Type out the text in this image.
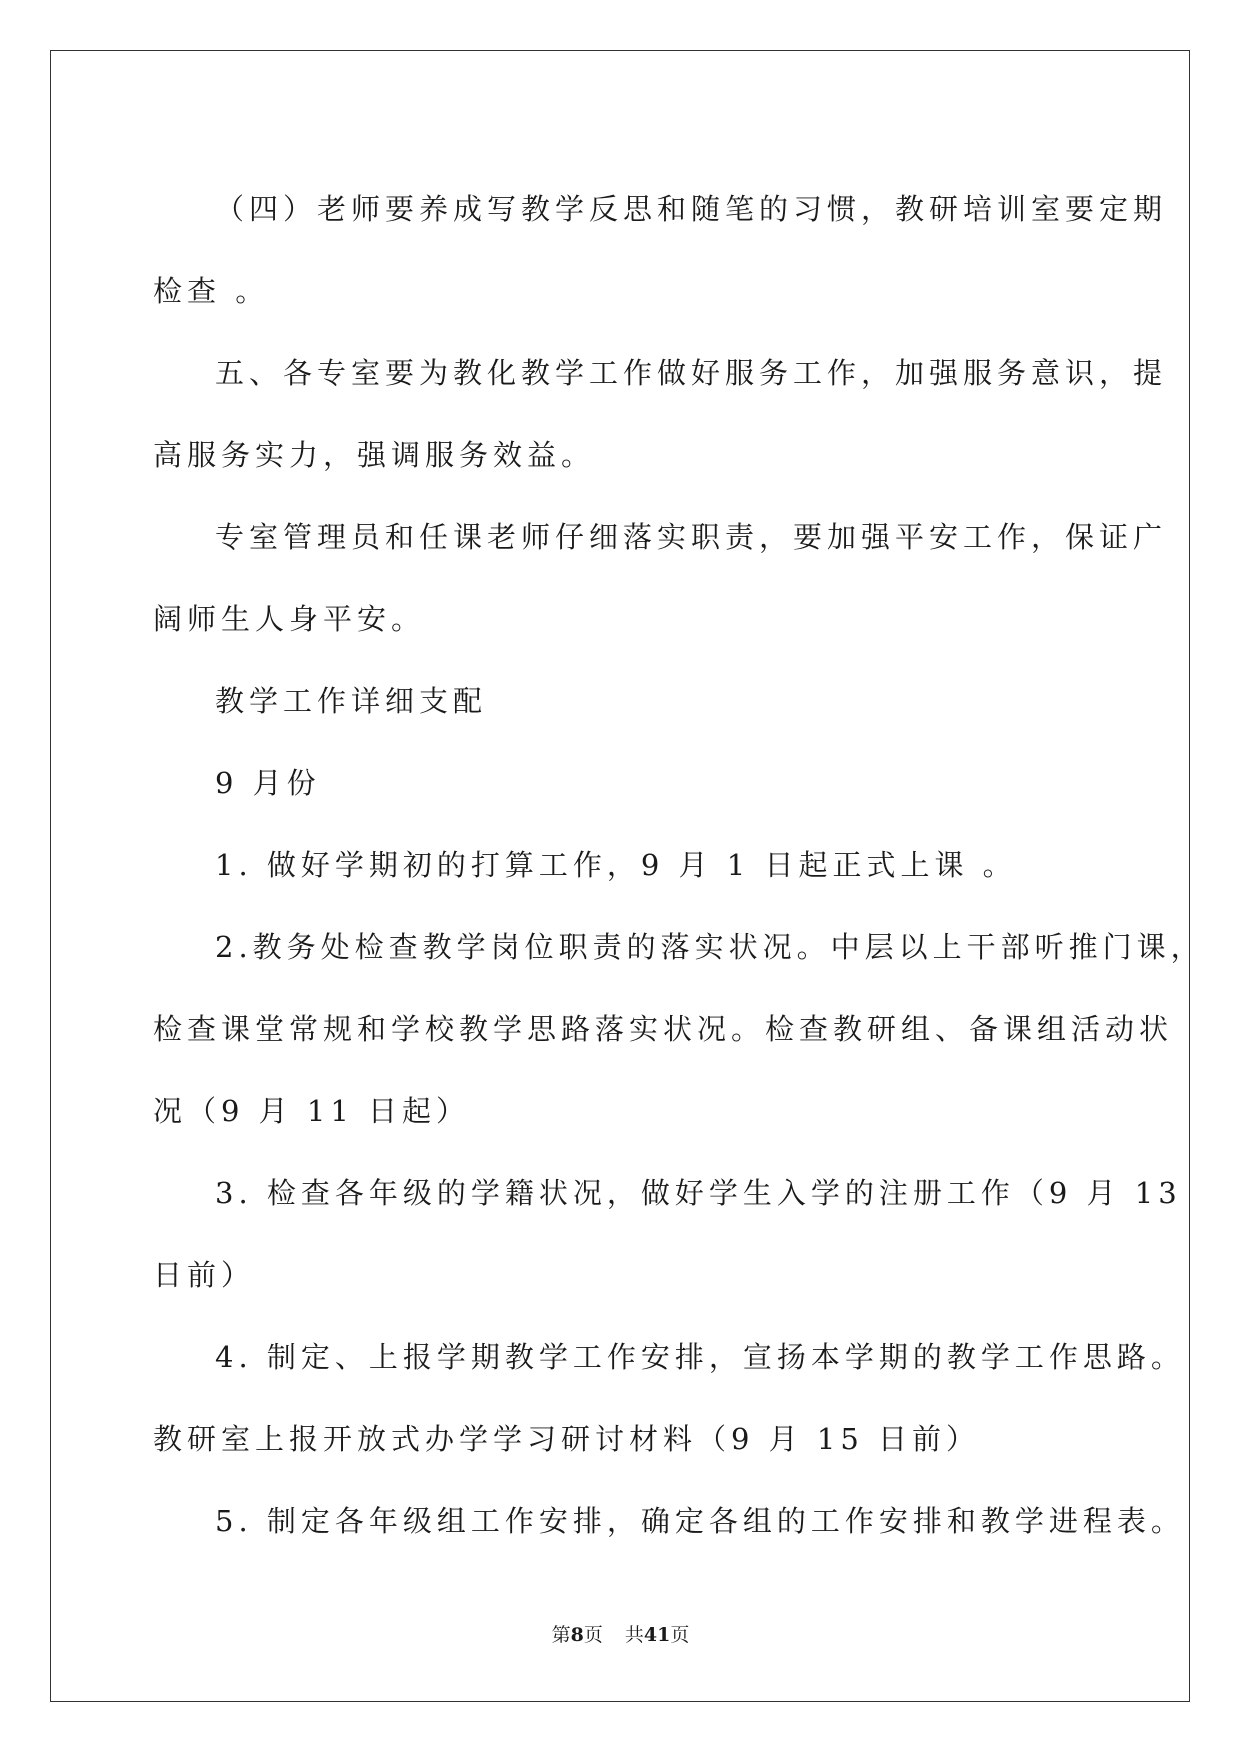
（四）老师要养成写教学反思和随笔的习惯，教研培训室要定期
检查 。
五、各专室要为教化教学工作做好服务工作，加强服务意识，提
高服务实力，强调服务效益。
专室管理员和任课老师仔细落实职责，要加强平安工作，保证广
阔师生人身平安。
教学工作详细支配
9 月份
1. 做好学期初的打算工作，9 月 1 日起正式上课 。
2.教务处检查教学岗位职责的落实状况。中层以上干部听推门课，
检查课堂常规和学校教学思路落实状况。检查教研组、备课组活动状
况（9 月 11 日起）
3. 检查各年级的学籍状况，做好学生入学的注册工作（9 月 13
日前）
4. 制定、上报学期教学工作安排，宣扬本学期的教学工作思路。
教研室上报开放式办学学习研讨材料（9 月 15 日前）
5. 制定各年级组工作安排，确定各组的工作安排和教学进程表。
第8页 共41页
